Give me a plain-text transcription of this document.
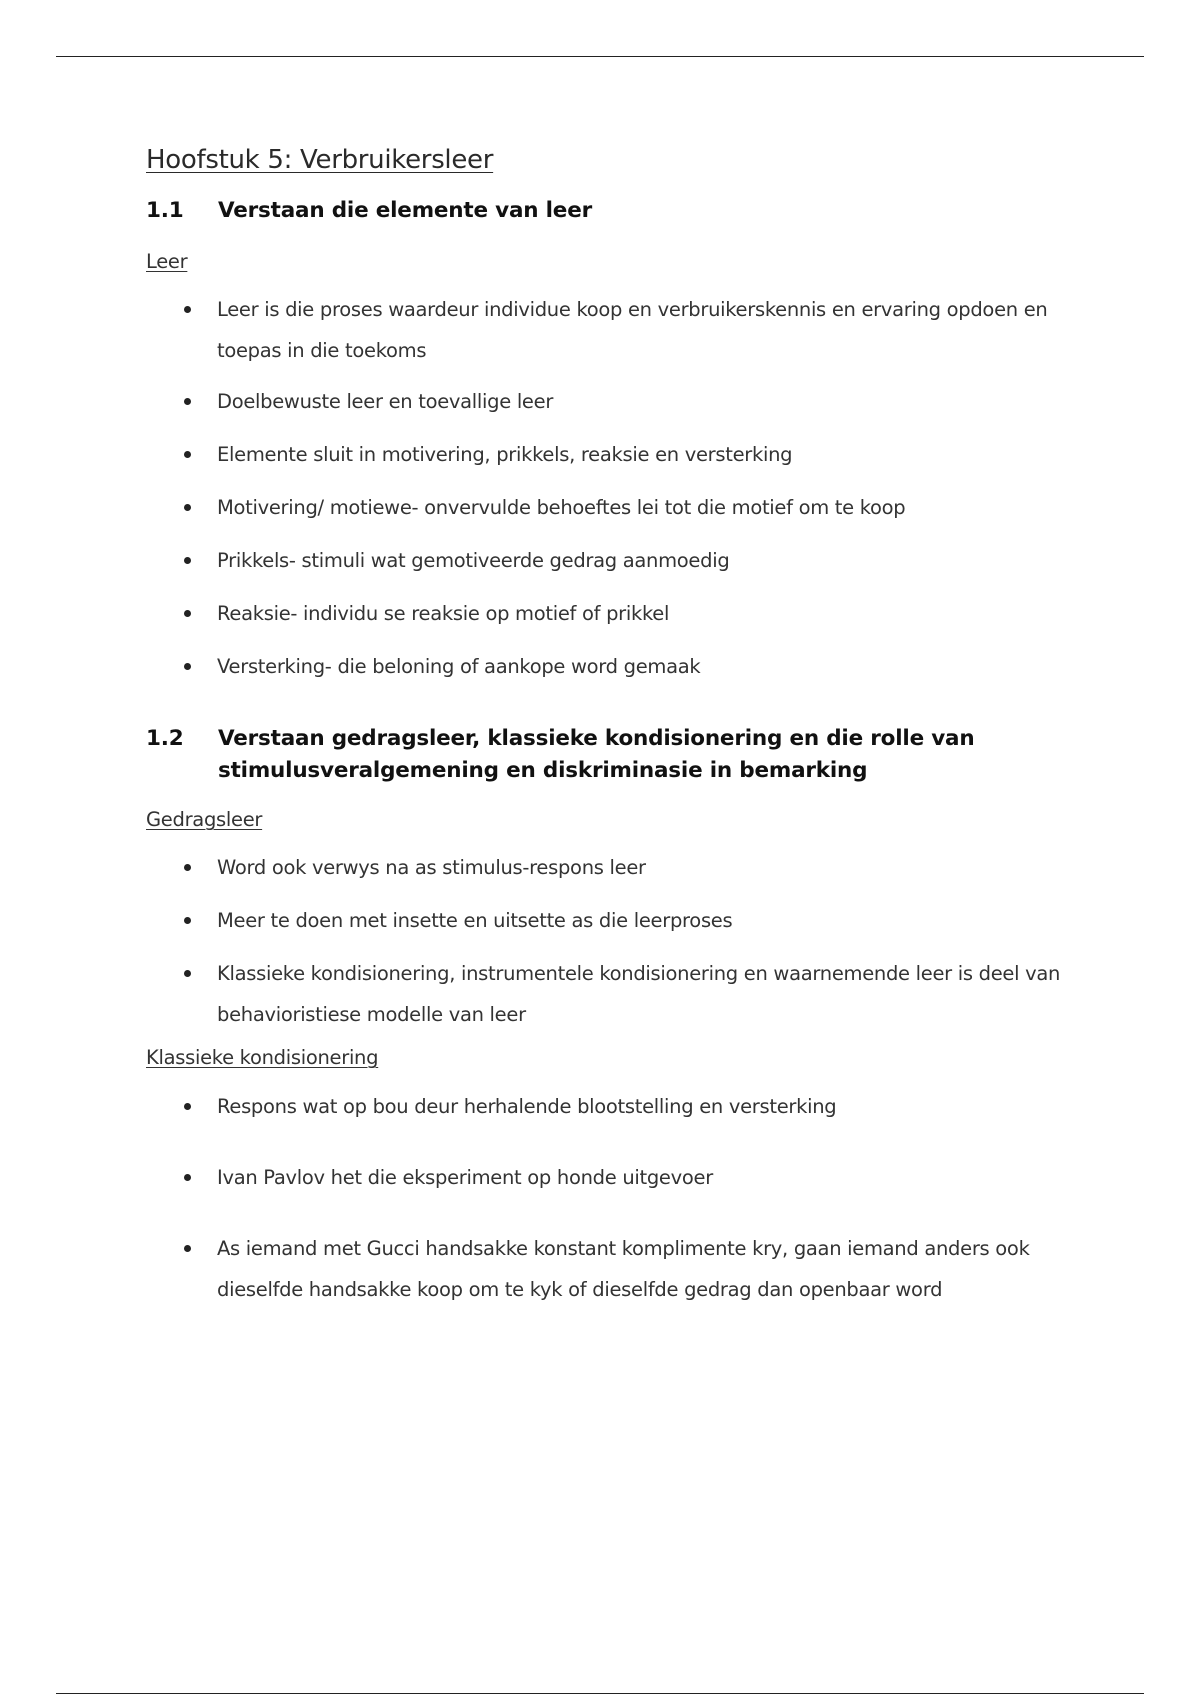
Hoofstuk 5: Verbruikersleer
1.1	Verstaan die elemente van leer
Leer
Leer is die proses waardeur individue koop en verbruikerskennis en ervaring opdoen en toepas in die toekoms
Doelbewuste leer en toevallige leer
Elemente sluit in motivering, prikkels, reaksie en versterking
Motivering/ motiewe- onvervulde behoeftes lei tot die motief om te koop
Prikkels- stimuli wat gemotiveerde gedrag aanmoedig
Reaksie- individu se reaksie op motief of prikkel
Versterking- die beloning of aankope word gemaak
1.2	Verstaan gedragsleer, klassieke kondisionering en die rolle van stimulusveralgemening en diskriminasie in bemarking
Gedragsleer
Word ook verwys na as stimulus-respons leer
Meer te doen met insette en uitsette as die leerproses
Klassieke kondisionering, instrumentele kondisionering en waarnemende leer is deel van behavioristiese modelle van leer
Klassieke kondisionering
Respons wat op bou deur herhalende blootstelling en versterking
Ivan Pavlov het die eksperiment op honde uitgevoer
As iemand met Gucci handsakke konstant komplimente kry, gaan iemand anders ook dieselfde handsakke koop om te kyk of dieselfde gedrag dan openbaar word
